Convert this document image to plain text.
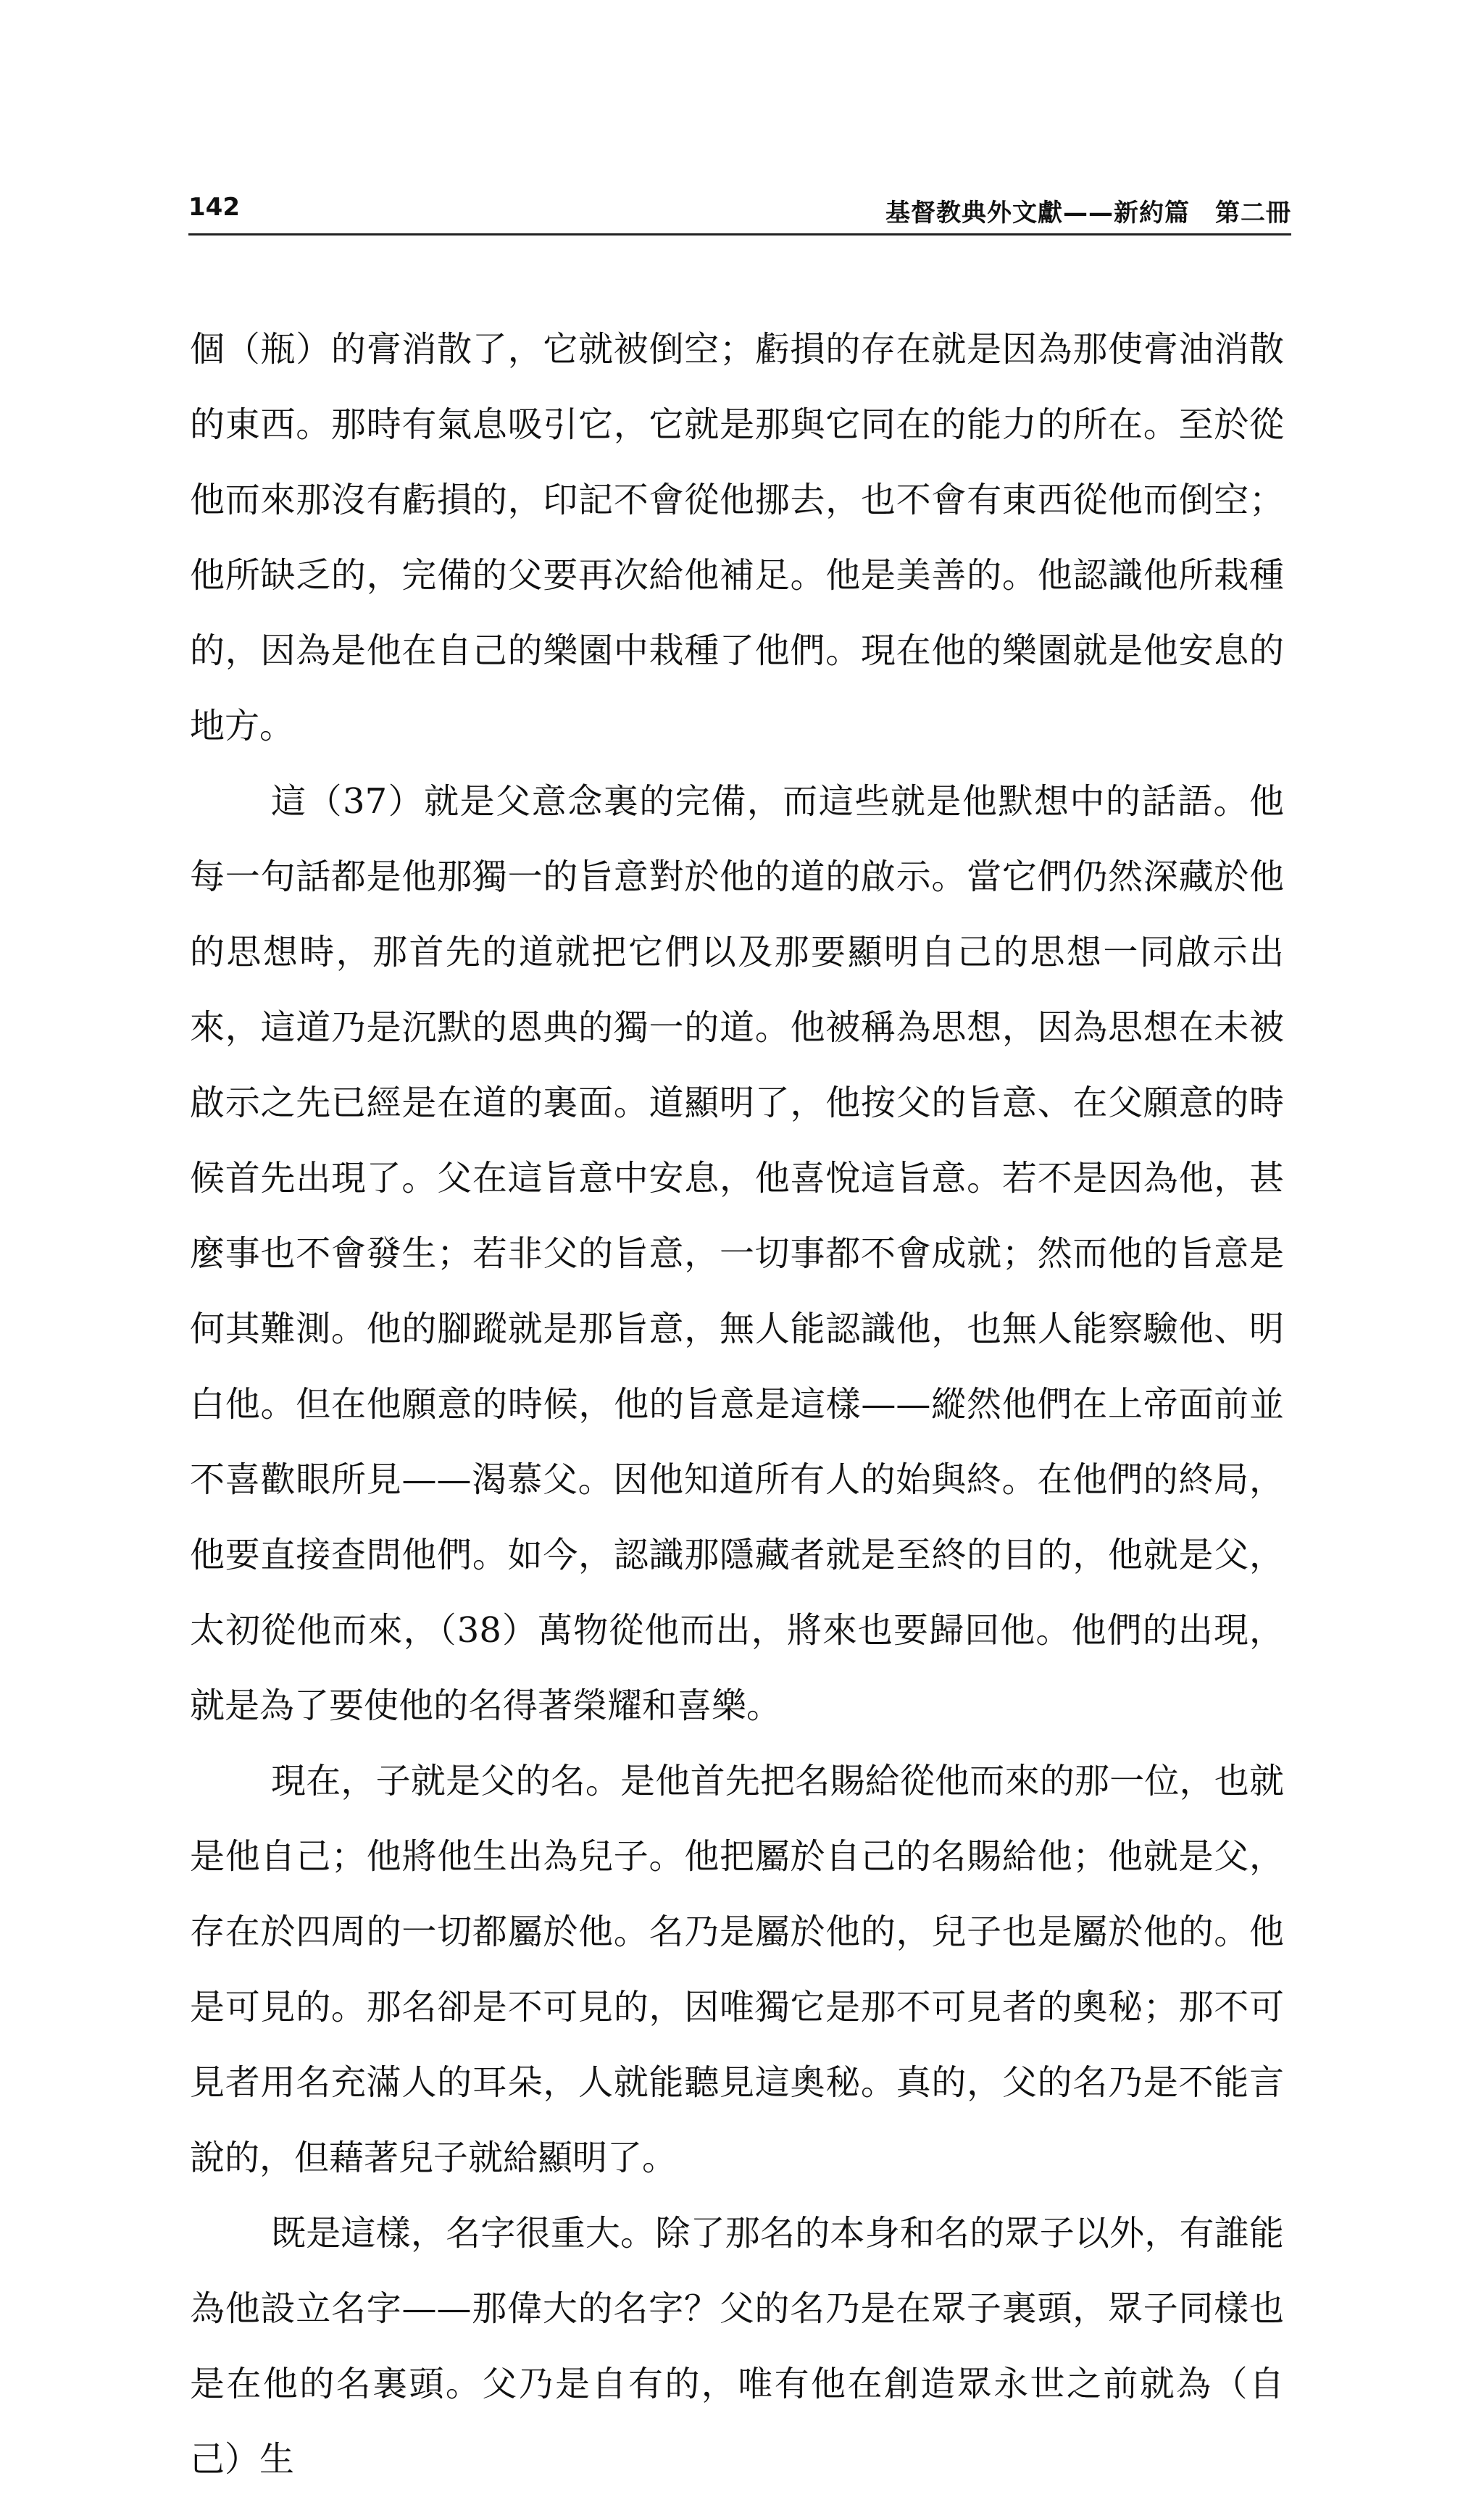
142	基督教典外文獻——新約篇　第二冊

個（瓶）的膏消散了，它就被倒空；虧損的存在就是因為那使膏油消散的東西。那時有氣息吸引它，它就是那與它同在的能力的所在。至於從他而來那沒有虧損的，印記不會從他挪去，也不會有東西從他而倒空；他所缺乏的，完備的父要再次給他補足。他是美善的。他認識他所栽種的，因為是他在自己的樂園中栽種了他們。現在他的樂園就是他安息的地方。

這（37）就是父意念裏的完備，而這些就是他默想中的話語。他每一句話都是他那獨一的旨意對於他的道的啟示。當它們仍然深藏於他的思想時，那首先的道就把它們以及那要顯明自己的思想一同啟示出來，這道乃是沉默的恩典的獨一的道。他被稱為思想，因為思想在未被啟示之先已經是在道的裏面。道顯明了，他按父的旨意、在父願意的時候首先出現了。父在這旨意中安息，他喜悅這旨意。若不是因為他，甚麼事也不會發生；若非父的旨意，一切事都不會成就；然而他的旨意是何其難測。他的腳蹤就是那旨意，無人能認識他，也無人能察驗他、明白他。但在他願意的時候，他的旨意是這樣——縱然他們在上帝面前並不喜歡眼所見——渴慕父。因他知道所有人的始與終。在他們的終局，他要直接查問他們。如今，認識那隱藏者就是至終的目的，他就是父，太初從他而來，（38）萬物從他而出，將來也要歸回他。他們的出現，就是為了要使他的名得著榮耀和喜樂。

現在，子就是父的名。是他首先把名賜給從他而來的那一位，也就是他自己；他將他生出為兒子。他把屬於自己的名賜給他；他就是父，存在於四周的一切都屬於他。名乃是屬於他的，兒子也是屬於他的。他是可見的。那名卻是不可見的，因唯獨它是那不可見者的奧秘；那不可見者用名充滿人的耳朵，人就能聽見這奧秘。真的，父的名乃是不能言說的，但藉著兒子就給顯明了。

既是這樣，名字很重大。除了那名的本身和名的眾子以外，有誰能為他設立名字——那偉大的名字？父的名乃是在眾子裏頭，眾子同樣也是在他的名裏頭。父乃是自有的，唯有他在創造眾永世之前就為（自己）生
